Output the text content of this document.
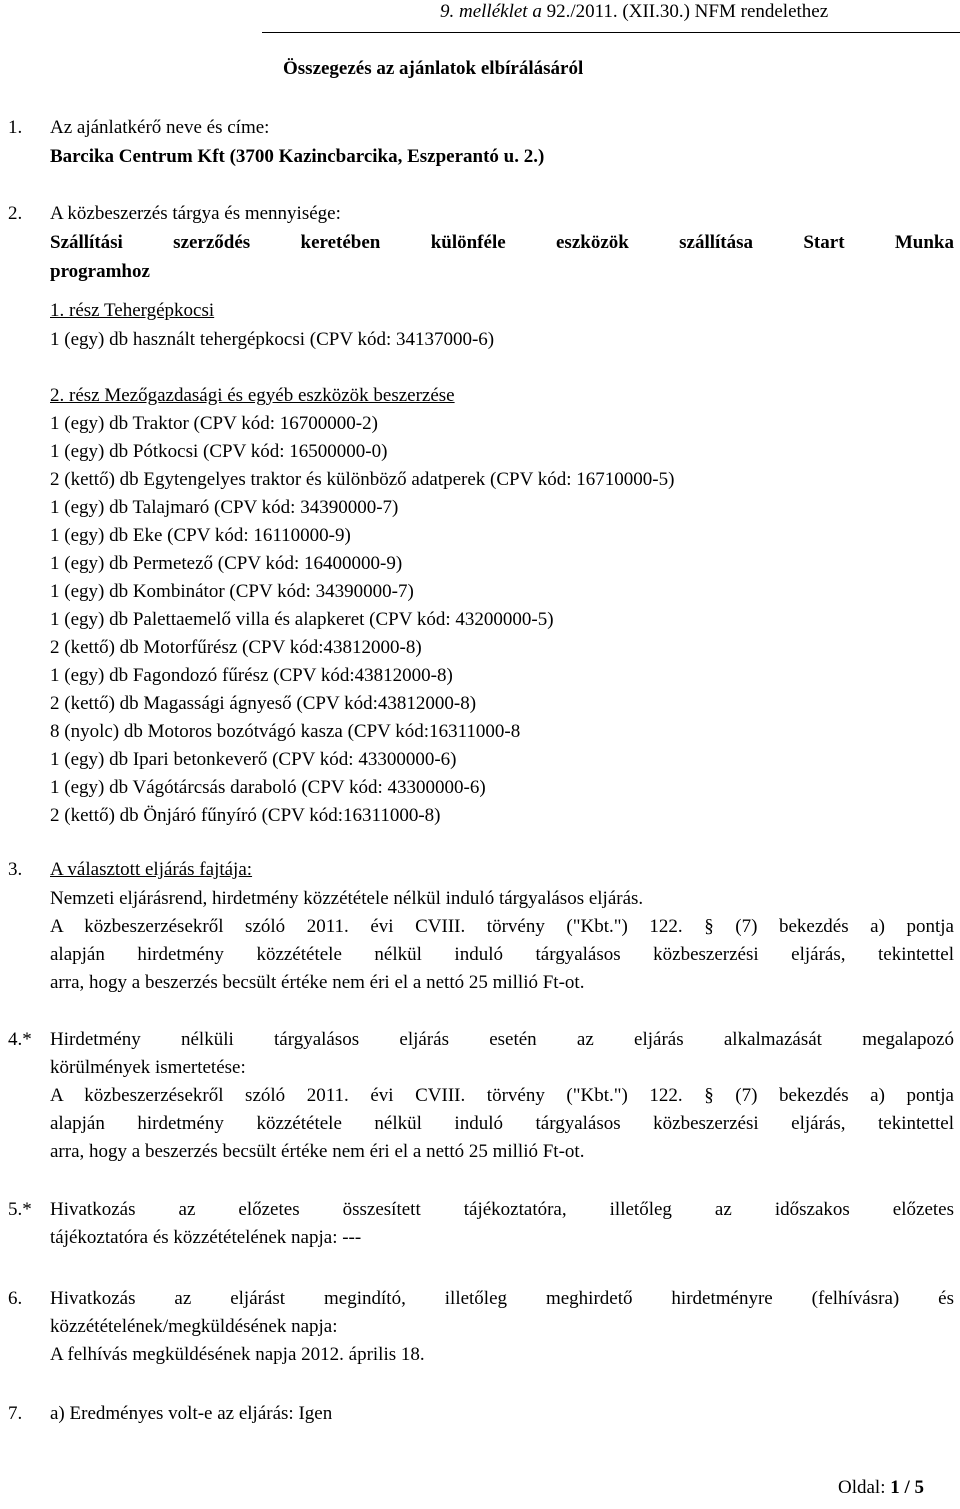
9. melléklet a 92./2011. (XII.30.) NFM rendelethez
Összegezés az ajánlatok elbírálásáról
1. Az ajánlatkérő neve és címe:
Barcika Centrum Kft (3700 Kazincbarcika, Eszperantó u. 2.)
2. A közbeszerzés tárgya és mennyisége:
Szállítási szerződés keretében különféle eszközök szállítása Start Munka
programhoz
1. rész Tehergépkocsi
1 (egy) db használt tehergépkocsi (CPV kód: 34137000-6)
2. rész Mezőgazdasági és egyéb eszközök beszerzése
1 (egy) db Traktor (CPV kód: 16700000-2)
1 (egy) db Pótkocsi (CPV kód: 16500000-0)
2 (kettő) db Egytengelyes traktor és különböző adatperek (CPV kód: 16710000-5)
1 (egy) db Talajmaró (CPV kód: 34390000-7)
1 (egy) db Eke (CPV kód: 16110000-9)
1 (egy) db Permetező (CPV kód: 16400000-9)
1 (egy) db Kombinátor (CPV kód: 34390000-7)
1 (egy) db Palettaemelő villa és alapkeret (CPV kód: 43200000-5)
2 (kettő) db Motorfűrész (CPV kód:43812000-8)
1 (egy) db Fagondozó fűrész (CPV kód:43812000-8)
2 (kettő) db Magassági ágnyeső (CPV kód:43812000-8)
8 (nyolc) db Motoros bozótvágó kasza (CPV kód:16311000-8
1 (egy) db Ipari betonkeverő (CPV kód: 43300000-6)
1 (egy) db Vágótárcsás daraboló (CPV kód: 43300000-6)
2 (kettő) db Önjáró fűnyíró (CPV kód:16311000-8)
3. A választott eljárás fajtája:
Nemzeti eljárásrend, hirdetmény közzététele nélkül induló tárgyalásos eljárás.
A közbeszerzésekről szóló 2011. évi CVIII. törvény ("Kbt.") 122. § (7) bekezdés a) pontja
alapján hirdetmény közzététele nélkül induló tárgyalásos közbeszerzési eljárás, tekintettel
arra, hogy a beszerzés becsült értéke nem éri el a nettó 25 millió Ft-ot.
4.* Hirdetmény nélküli tárgyalásos eljárás esetén az eljárás alkalmazását megalapozó
körülmények ismertetése:
A közbeszerzésekről szóló 2011. évi CVIII. törvény ("Kbt.") 122. § (7) bekezdés a) pontja
alapján hirdetmény közzététele nélkül induló tárgyalásos közbeszerzési eljárás, tekintettel
arra, hogy a beszerzés becsült értéke nem éri el a nettó 25 millió Ft-ot.
5.* Hivatkozás az előzetes összesített tájékoztatóra, illetőleg az időszakos előzetes
tájékoztatóra és közzétételének napja: ---
6. Hivatkozás az eljárást megindító, illetőleg meghirdető hirdetményre (felhívásra) és
közzétételének/megküldésének napja:
A felhívás megküldésének napja 2012. április 18.
7. a) Eredményes volt-e az eljárás: Igen
Oldal: 1 / 5
